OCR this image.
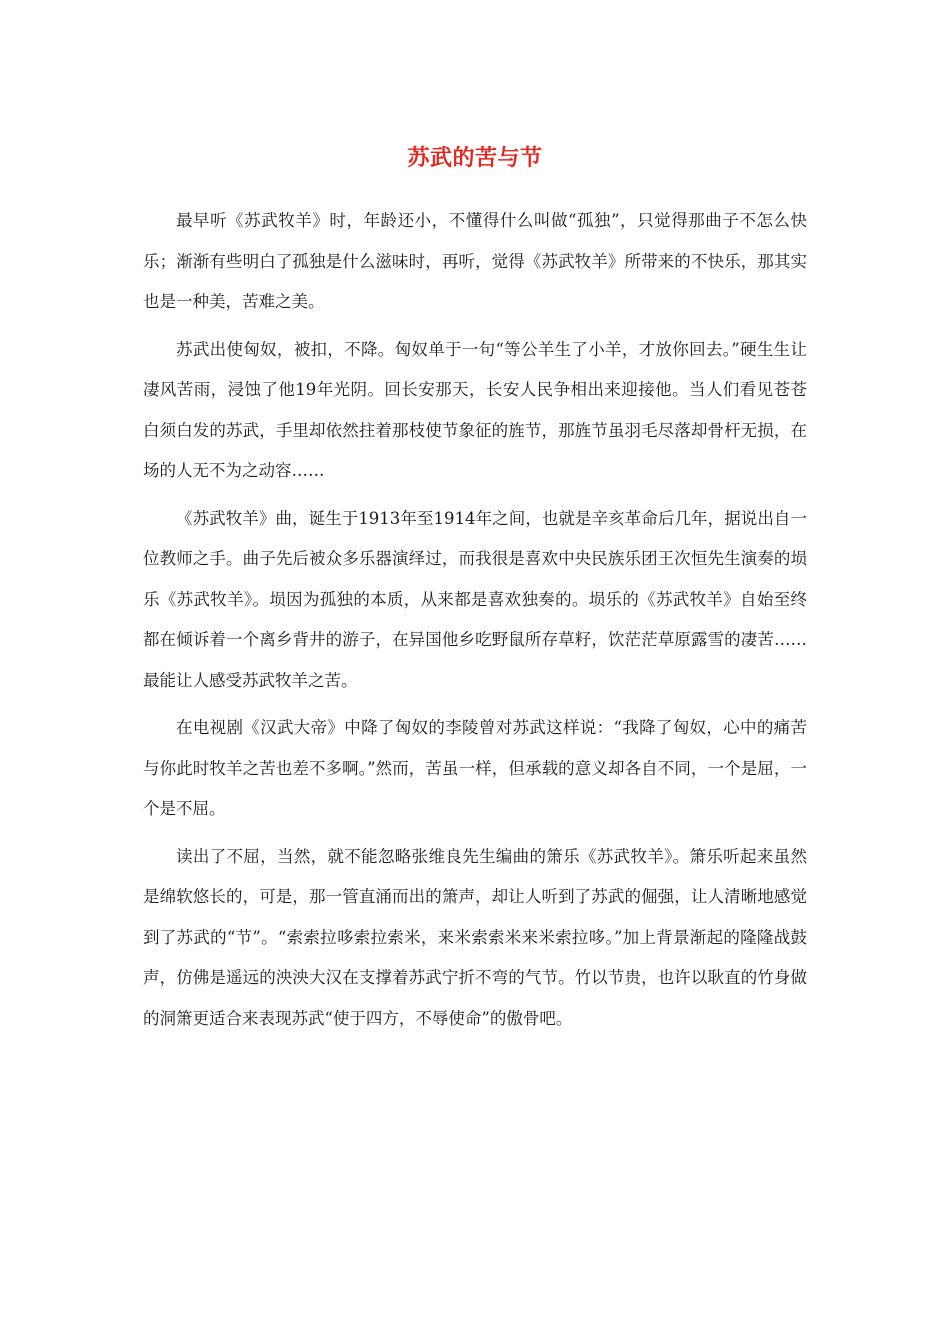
苏武的苦与节

最早听《苏武牧羊》时，年龄还小，不懂得什么叫做“孤独”，只觉得那曲子不怎么快乐；渐渐有些明白了孤独是什么滋味时，再听，觉得《苏武牧羊》所带来的不快乐，那其实也是一种美，苦难之美。

苏武出使匈奴，被扣，不降。匈奴单于一句“等公羊生了小羊，才放你回去。”硬生生让凄风苦雨，浸蚀了他19年光阴。回长安那天，长安人民争相出来迎接他。当人们看见苍苍白须白发的苏武，手里却依然拄着那枝使节象征的旌节，那旌节虽羽毛尽落却骨杆无损，在场的人无不为之动容……

《苏武牧羊》曲，诞生于1913年至1914年之间，也就是辛亥革命后几年，据说出自一位教师之手。曲子先后被众多乐器演绎过，而我很是喜欢中央民族乐团王次恒先生演奏的埙乐《苏武牧羊》。埙因为孤独的本质，从来都是喜欢独奏的。埙乐的《苏武牧羊》自始至终都在倾诉着一个离乡背井的游子，在异国他乡吃野鼠所存草籽，饮茫茫草原露雪的凄苦……最能让人感受苏武牧羊之苦。

在电视剧《汉武大帝》中降了匈奴的李陵曾对苏武这样说：“我降了匈奴，心中的痛苦与你此时牧羊之苦也差不多啊。”然而，苦虽一样，但承载的意义却各自不同，一个是屈，一个是不屈。

读出了不屈，当然，就不能忽略张维良先生编曲的箫乐《苏武牧羊》。箫乐听起来虽然是绵软悠长的，可是，那一管直涌而出的箫声，却让人听到了苏武的倔强，让人清晰地感觉到了苏武的“节”。“索索拉哆索拉索米，来米索索米来米索拉哆。”加上背景渐起的隆隆战鼓声，仿佛是遥远的泱泱大汉在支撑着苏武宁折不弯的气节。竹以节贵，也许以耿直的竹身做的洞箫更适合来表现苏武“使于四方，不辱使命”的傲骨吧。
